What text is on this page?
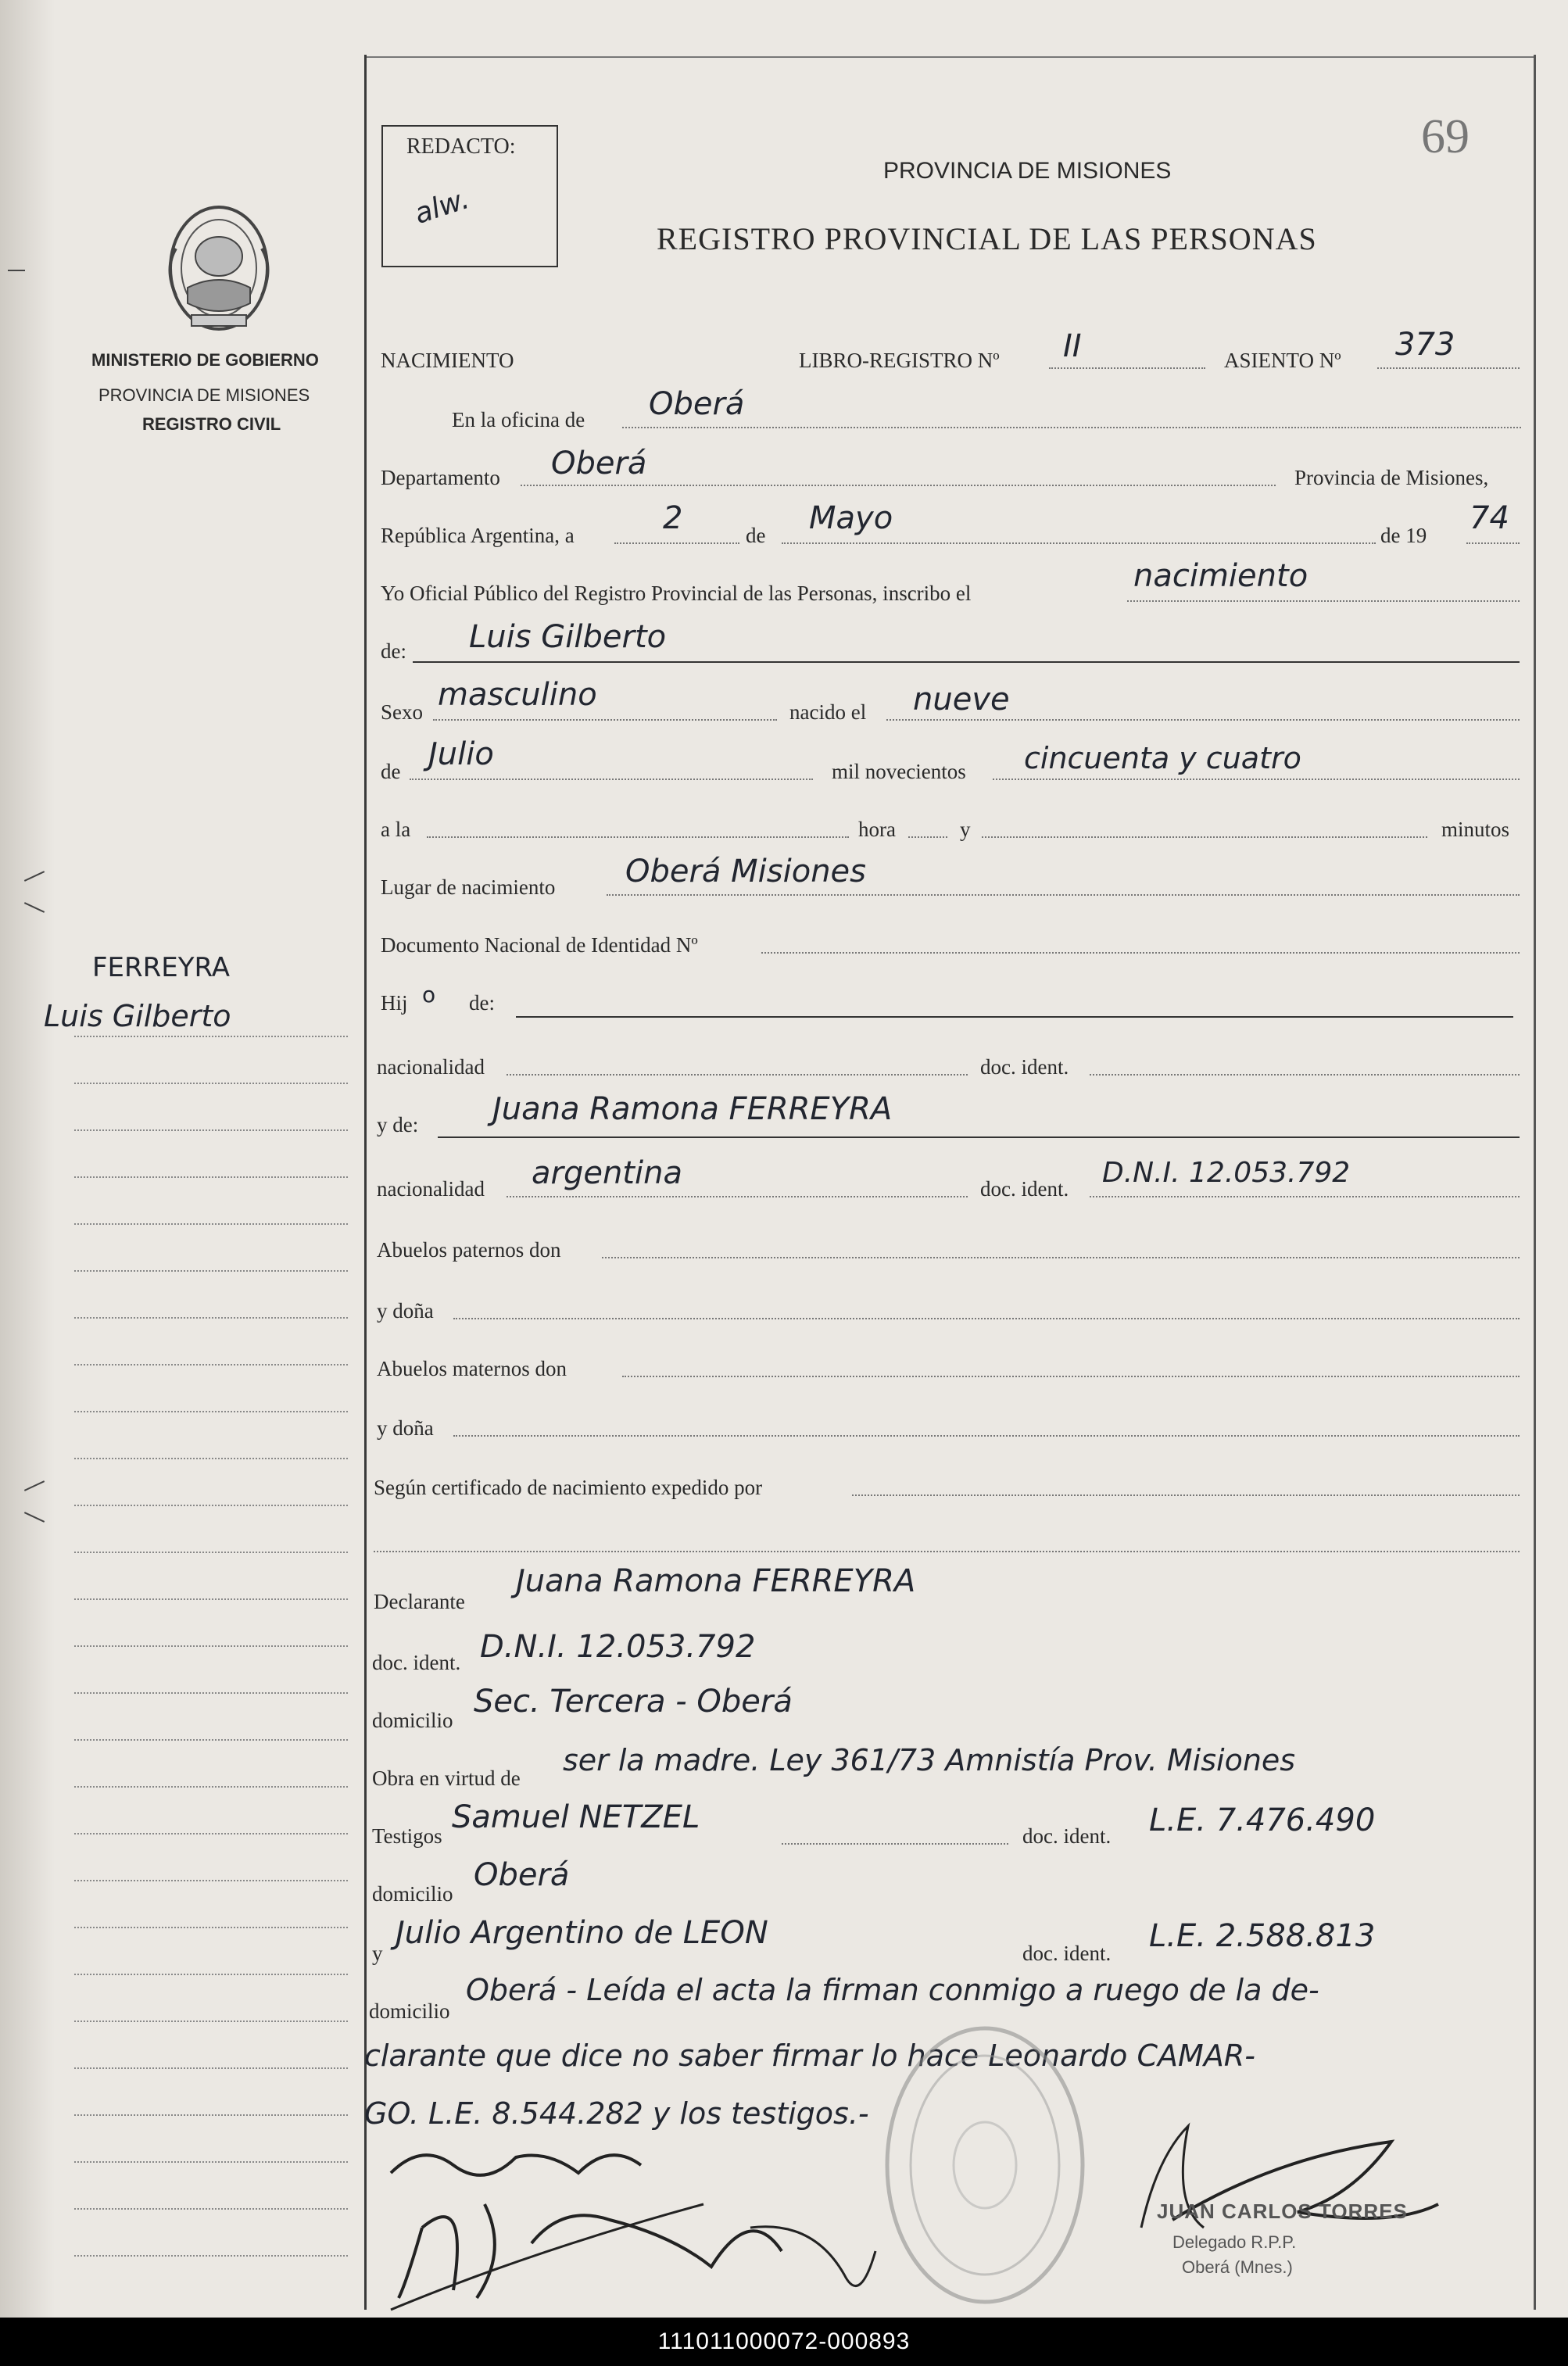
MINISTERIO DE GOBIERNO
PROVINCIA DE MISIONES
REGISTRO CIVIL
FERREYRA
Luis Gilberto
REDACTO:
alw.
69
PROVINCIA DE MISIONES
REGISTRO PROVINCIAL DE LAS PERSONAS
NACIMIENTO	LIBRO-REGISTRO Nº II	ASIENTO Nº 373
En la oficina de Oberá
Departamento Oberá	Provincia de Misiones,
República Argentina, a	2	de Mayo	de 19 74
Yo Oficial Público del Registro Provincial de las Personas, inscribo el	nacimiento
de: Luis Gilberto
Sexo masculino	nacido el nueve
de Julio	mil novecientos cincuenta y cuatro
a la	hora	y	minutos
Lugar de nacimiento Oberá Misiones
Documento Nacional de Identidad Nº
Hij o de:
nacionalidad	doc. ident.
y de: Juana Ramona FERREYRA
nacionalidad argentina	doc. ident. D.N.I. 12.053.792
Abuelos paternos don
y doña
Abuelos maternos don
y doña
Según certificado de nacimiento expedido por
Declarante
Juana Ramona FERREYRA
doc. ident. D.N.I. 12.053.792
domicilio
Sec. Tercera - Oberá
Obra en virtud de
ser la madre. Ley 361/73 Amnistía Prov. Misiones
Testigos
Samuel NETZEL
doc. ident. L.E. 7.476.490
domicilio
Oberá
y
Julio Argentino de LEON
doc. ident. L.E. 2.588.813
domicilio
Oberá - Leída el acta la firman conmigo a ruego de la de-
clarante que dice no saber firmar lo hace Leonardo CAMAR-
GO. L.E. 8.544.282 y los testigos.-
JUAN CARLOS TORRES
Delegado R.P.P.
Oberá (Mnes.)
111011000072-000893
